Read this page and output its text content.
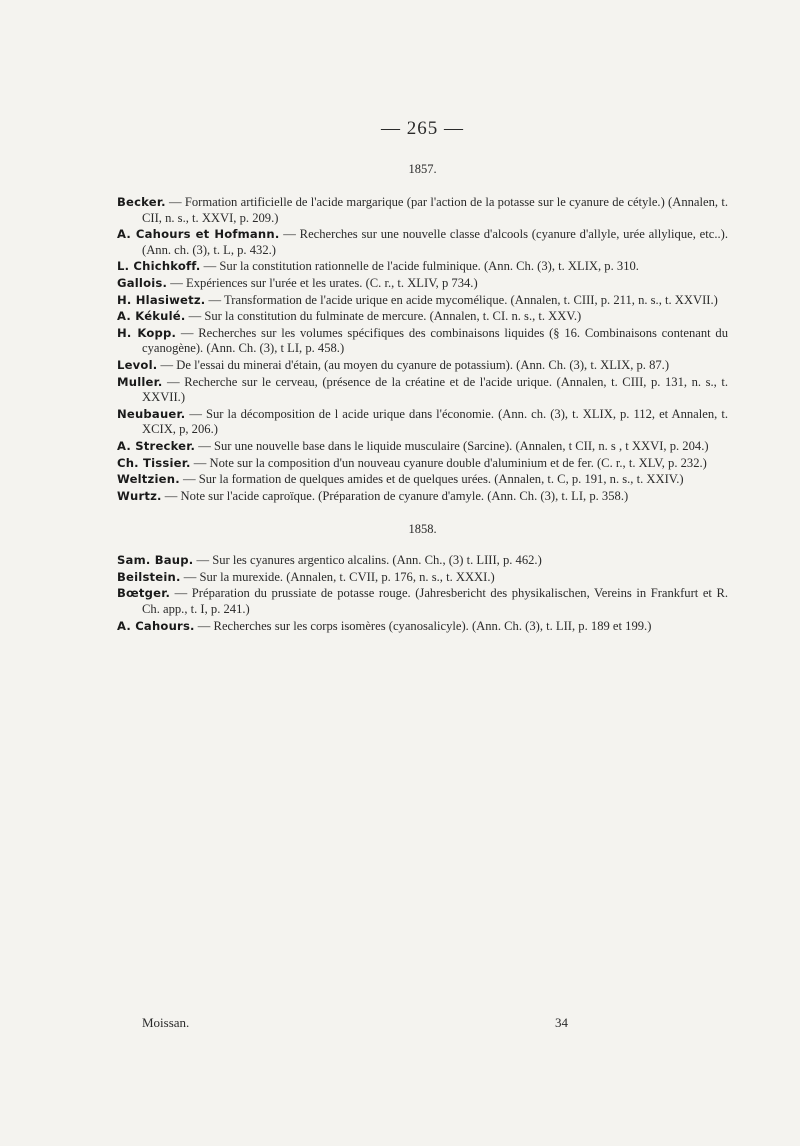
— 265 —
1857.
Becker. — Formation artificielle de l'acide margarique (par l'action de la potasse sur le cyanure de cétyle.) (Annalen, t. CII, n. s., t. XXVI, p. 209.)
A. Cahours et Hofmann. — Recherches sur une nouvelle classe d'alcools (cyanure d'allyle, urée allylique, etc..). (Ann. ch. (3), t. L, p. 432.)
L. Chichkoff. — Sur la constitution rationnelle de l'acide fulminique. (Ann. Ch. (3), t. XLIX, p. 310.
Gallois. — Expériences sur l'urée et les urates. (C. r., t. XLIV, p 734.)
H. Hlasiwetz. — Transformation de l'acide urique en acide mycomélique. (Annalen, t. CIII, p. 211, n. s., t. XXVII.)
A. Kékulé. — Sur la constitution du fulminate de mercure. (Annalen, t. CI. n. s., t. XXV.)
H. Kopp. — Recherches sur les volumes spécifiques des combinaisons liquides (§ 16. Combinaisons contenant du cyanogène). (Ann. Ch. (3), t LI, p. 458.)
Levol. — De l'essai du minerai d'étain, (au moyen du cyanure de potassium). (Ann. Ch. (3), t. XLIX, p. 87.)
Muller. — Recherche sur le cerveau, (présence de la créatine et de l'acide urique. (Annalen, t. CIII, p. 131, n. s., t. XXVII.)
Neubauer. — Sur la décomposition de l acide urique dans l'économie. (Ann. ch. (3), t. XLIX, p. 112, et Annalen, t. XCIX, p, 206.)
A. Strecker. — Sur une nouvelle base dans le liquide musculaire (Sarcine). (Annalen, t CII, n. s , t XXVI, p. 204.)
Ch. Tissier. — Note sur la composition d'un nouveau cyanure double d'aluminium et de fer. (C. r., t. XLV, p. 232.)
Weltzien. — Sur la formation de quelques amides et de quelques urées. (Annalen, t. C, p. 191, n. s., t. XXIV.)
Wurtz. — Note sur l'acide caproïque. (Préparation de cyanure d'amyle. (Ann. Ch. (3), t. LI, p. 358.)
1858.
Sam. Baup. — Sur les cyanures argentico alcalins. (Ann. Ch., (3) t. LIII, p. 462.)
Beilstein. — Sur la murexide. (Annalen, t. CVII, p. 176, n. s., t. XXXI.)
Bœtger. — Préparation du prussiate de potasse rouge. (Jahresbericht des physikalischen, Vereins in Frankfurt et R. Ch. app., t. I, p. 241.)
A. Cahours. — Recherches sur les corps isomères (cyanosalicyle). (Ann. Ch. (3), t. LII, p. 189 et 199.)
Moissan.	34
